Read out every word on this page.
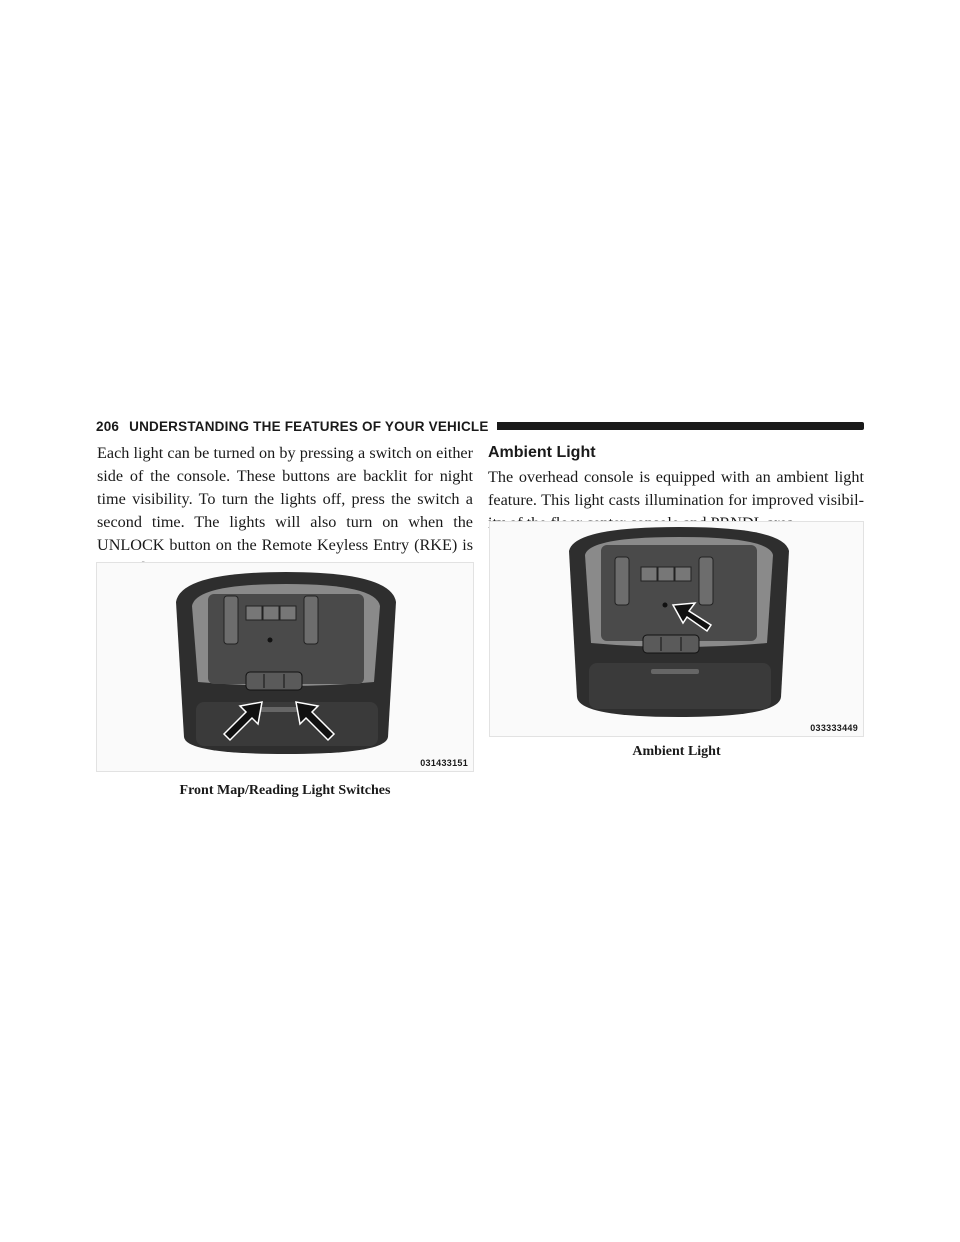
206 UNDERSTANDING THE FEATURES OF YOUR VEHICLE

Each light can be turned on by pressing a switch on either side of the console. These buttons are backlit for night time visibility. To turn the lights off, press the switch a second time. The lights will also turn on when the UNLOCK button on the Remote Keyless Entry (RKE) is

Ambient Light

The overhead console is equipped with an ambient light feature. This light casts illumination for improved visibil-

031433151
Front Map/Reading Light Switches
033333449
Ambient Light
